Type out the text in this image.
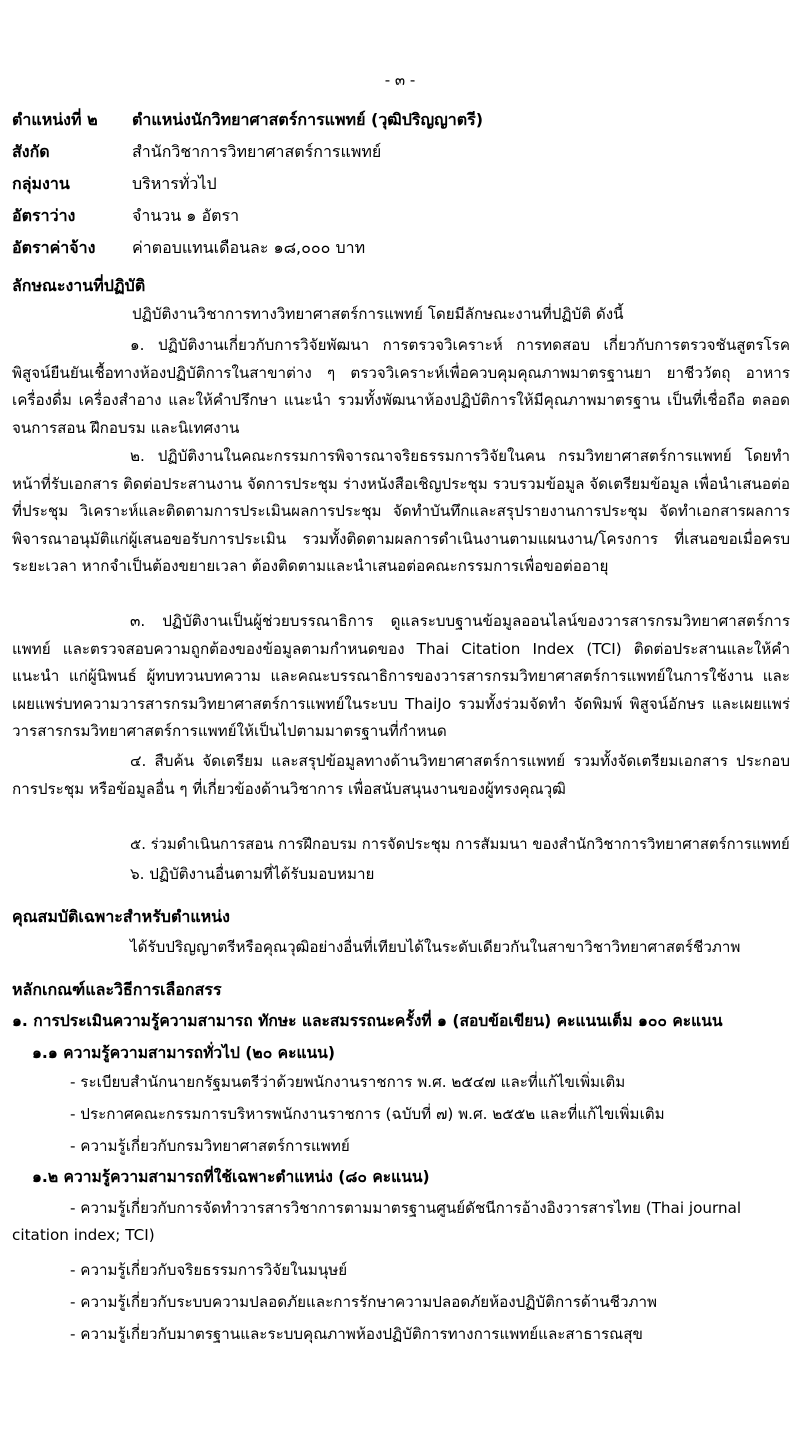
- ๓ -
ตำแหน่งที่ ๒ ตำแหน่งนักวิทยาศาสตร์การแพทย์ (วุฒิปริญญาตรี)
สังกัด	สำนักวิชาการวิทยาศาสตร์การแพทย์
กลุ่มงาน	บริหารทั่วไป
อัตราว่าง	จำนวน ๑ อัตรา
อัตราค่าจ้าง ค่าตอบแทนเดือนละ ๑๘,๐๐๐ บาท
ลักษณะงานที่ปฏิบัติ
ปฏิบัติงานวิชาการทางวิทยาศาสตร์การแพทย์ โดยมีลักษณะงานที่ปฏิบัติ ดังนี้
๑. ปฏิบัติงานเกี่ยวกับการวิจัยพัฒนา การตรวจวิเคราะห์ การทดสอบ เกี่ยวกับการตรวจชันสูตรโรค พิสูจน์ยืนยันเชื้อทางห้องปฏิบัติการในสาขาต่าง ๆ ตรวจวิเคราะห์เพื่อควบคุมคุณภาพมาตรฐานยา ยาชีววัตถุ อาหาร เครื่องดื่ม เครื่องสำอาง และให้คำปรึกษา แนะนำ รวมทั้งพัฒนาห้องปฏิบัติการให้มีคุณภาพมาตรฐาน เป็นที่เชื่อถือ ตลอดจนการสอน ฝึกอบรม และนิเทศงาน
๒. ปฏิบัติงานในคณะกรรมการพิจารณาจริยธรรมการวิจัยในคน กรมวิทยาศาสตร์การแพทย์ โดยทำหน้าที่รับเอกสาร ติดต่อประสานงาน จัดการประชุม ร่างหนังสือเชิญประชุม รวบรวมข้อมูล จัดเตรียมข้อมูล เพื่อนำเสนอต่อที่ประชุม วิเคราะห์และติดตามการประเมินผลการประชุม จัดทำบันทึกและสรุปรายงานการประชุม จัดทำเอกสารผลการพิจารณาอนุมัติแก่ผู้เสนอขอรับการประเมิน รวมทั้งติดตามผลการดำเนินงานตามแผนงาน/โครงการ ที่เสนอขอเมื่อครบระยะเวลา หากจำเป็นต้องขยายเวลา ต้องติดตามและนำเสนอต่อคณะกรรมการเพื่อขอต่ออายุ
๓. ปฏิบัติงานเป็นผู้ช่วยบรรณาธิการ ดูแลระบบฐานข้อมูลออนไลน์ของวารสารกรมวิทยาศาสตร์การแพทย์ และตรวจสอบความถูกต้องของข้อมูลตามกำหนดของ Thai Citation Index (TCI) ติดต่อประสานและให้คำแนะนำ แก่ผู้นิพนธ์ ผู้ทบทวนบทความ และคณะบรรณาธิการของวารสารกรมวิทยาศาสตร์การแพทย์ในการใช้งาน และเผยแพร่บทความวารสารกรมวิทยาศาสตร์การแพทย์ในระบบ ThaiJo รวมทั้งร่วมจัดทำ จัดพิมพ์ พิสูจน์อักษร และเผยแพร่วารสารกรมวิทยาศาสตร์การแพทย์ให้เป็นไปตามมาตรฐานที่กำหนด
๔. สืบค้น จัดเตรียม และสรุปข้อมูลทางด้านวิทยาศาสตร์การแพทย์ รวมทั้งจัดเตรียมเอกสาร ประกอบการประชุม หรือข้อมูลอื่น ๆ ที่เกี่ยวข้องด้านวิชาการ เพื่อสนับสนุนงานของผู้ทรงคุณวุฒิ
๕. ร่วมดำเนินการสอน การฝึกอบรม การจัดประชุม การสัมมนา ของสำนักวิชาการวิทยาศาสตร์การแพทย์
๖. ปฏิบัติงานอื่นตามที่ได้รับมอบหมาย
คุณสมบัติเฉพาะสำหรับตำแหน่ง
ได้รับปริญญาตรีหรือคุณวุฒิอย่างอื่นที่เทียบได้ในระดับเดียวกันในสาขาวิชาวิทยาศาสตร์ชีวภาพ
หลักเกณฑ์และวิธีการเลือกสรร
๑. การประเมินความรู้ความสามารถ ทักษะ และสมรรถนะครั้งที่ ๑ (สอบข้อเขียน) คะแนนเต็ม ๑๐๐ คะแนน
๑.๑ ความรู้ความสามารถทั่วไป (๒๐ คะแนน)
- ระเบียบสำนักนายกรัฐมนตรีว่าด้วยพนักงานราชการ พ.ศ. ๒๕๔๗ และที่แก้ไขเพิ่มเติม
- ประกาศคณะกรรมการบริหารพนักงานราชการ (ฉบับที่ ๗) พ.ศ. ๒๕๕๒ และที่แก้ไขเพิ่มเติม
- ความรู้เกี่ยวกับกรมวิทยาศาสตร์การแพทย์
๑.๒ ความรู้ความสามารถที่ใช้เฉพาะตำแหน่ง (๘๐ คะแนน)
- ความรู้เกี่ยวกับการจัดทำวารสารวิชาการตามมาตรฐานศูนย์ดัชนีการอ้างอิงวารสารไทย (Thai journal
citation index; TCI)
- ความรู้เกี่ยวกับจริยธรรมการวิจัยในมนุษย์
- ความรู้เกี่ยวกับระบบความปลอดภัยและการรักษาความปลอดภัยห้องปฏิบัติการด้านชีวภาพ
- ความรู้เกี่ยวกับมาตรฐานและระบบคุณภาพห้องปฏิบัติการทางการแพทย์และสาธารณสุข
